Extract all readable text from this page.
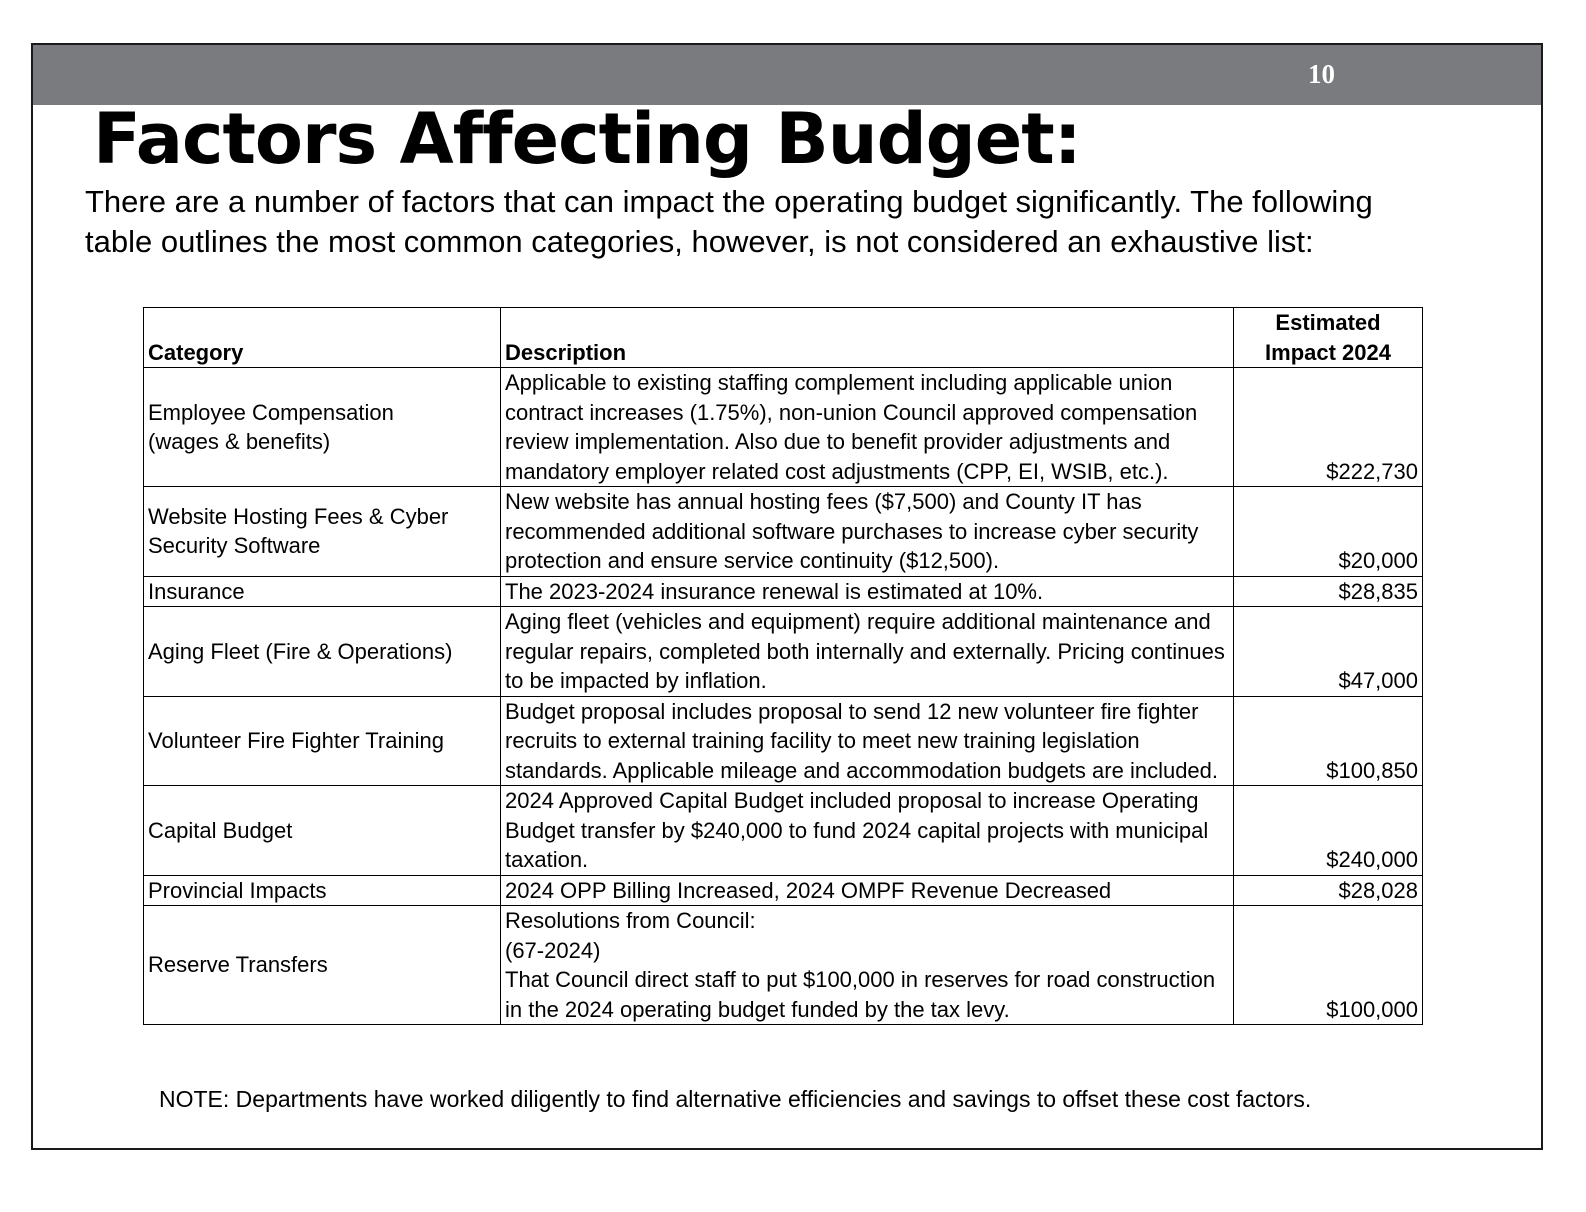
10
Factors Affecting Budget:

There are a number of factors that can impact the operating budget significantly. The following table outlines the most common categories, however, is not considered an exhaustive list:

Category	Description	Estimated Impact 2024
Employee Compensation
(wages & benefits)	Applicable to existing staffing complement including applicable union contract increases (1.75%), non-union Council approved compensation review implementation. Also due to benefit provider adjustments and mandatory employer related cost adjustments (CPP, EI, WSIB, etc.).	$222,730
Website Hosting Fees & Cyber Security Software	New website has annual hosting fees ($7,500) and County IT has recommended additional software purchases to increase cyber security protection and ensure service continuity ($12,500).	$20,000
Insurance	The 2023-2024 insurance renewal is estimated at 10%.	$28,835
Aging Fleet (Fire & Operations)	Aging fleet (vehicles and equipment) require additional maintenance and regular repairs, completed both internally and externally. Pricing continues to be impacted by inflation.	$47,000
Volunteer Fire Fighter Training	Budget proposal includes proposal to send 12 new volunteer fire fighter recruits to external training facility to meet new training legislation standards. Applicable mileage and accommodation budgets are included.	$100,850
Capital Budget	2024 Approved Capital Budget included proposal to increase Operating Budget transfer by $240,000 to fund 2024 capital projects with municipal taxation.	$240,000
Provincial Impacts	2024 OPP Billing Increased, 2024 OMPF Revenue Decreased	$28,028
Reserve Transfers	Resolutions from Council:
(67-2024)
That Council direct staff to put $100,000 in reserves for road construction in the 2024 operating budget funded by the tax levy.	$100,000

NOTE: Departments have worked diligently to find alternative efficiencies and savings to offset these cost factors.
